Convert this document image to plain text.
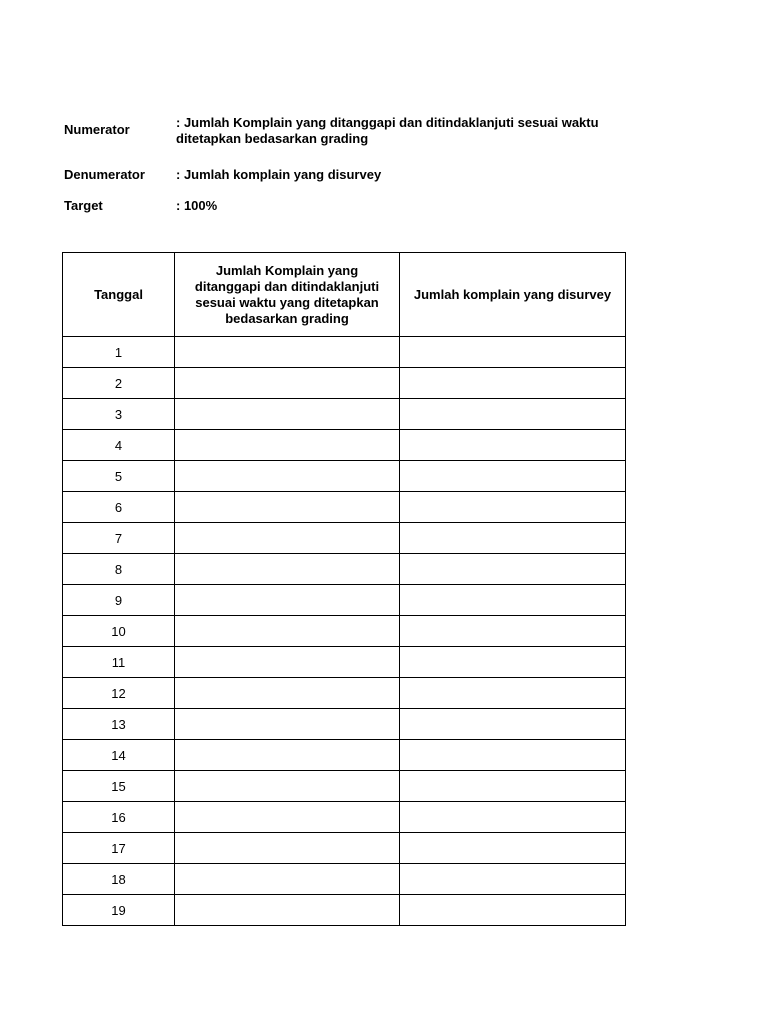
Numerator	: Jumlah Komplain yang ditanggapi dan ditindaklanjuti sesuai waktu ditetapkan bedasarkan grading
Denumerator : Jumlah komplain yang disurvey
Target	: 100%
Tanggal	Jumlah Komplain yang ditanggapi dan ditindaklanjuti sesuai waktu yang ditetapkan bedasarkan grading	Jumlah komplain yang disurvey
1		
2		
3		
4		
5		
6		
7		
8		
9		
10		
11		
12		
13		
14		
15		
16		
17		
18		
19		
